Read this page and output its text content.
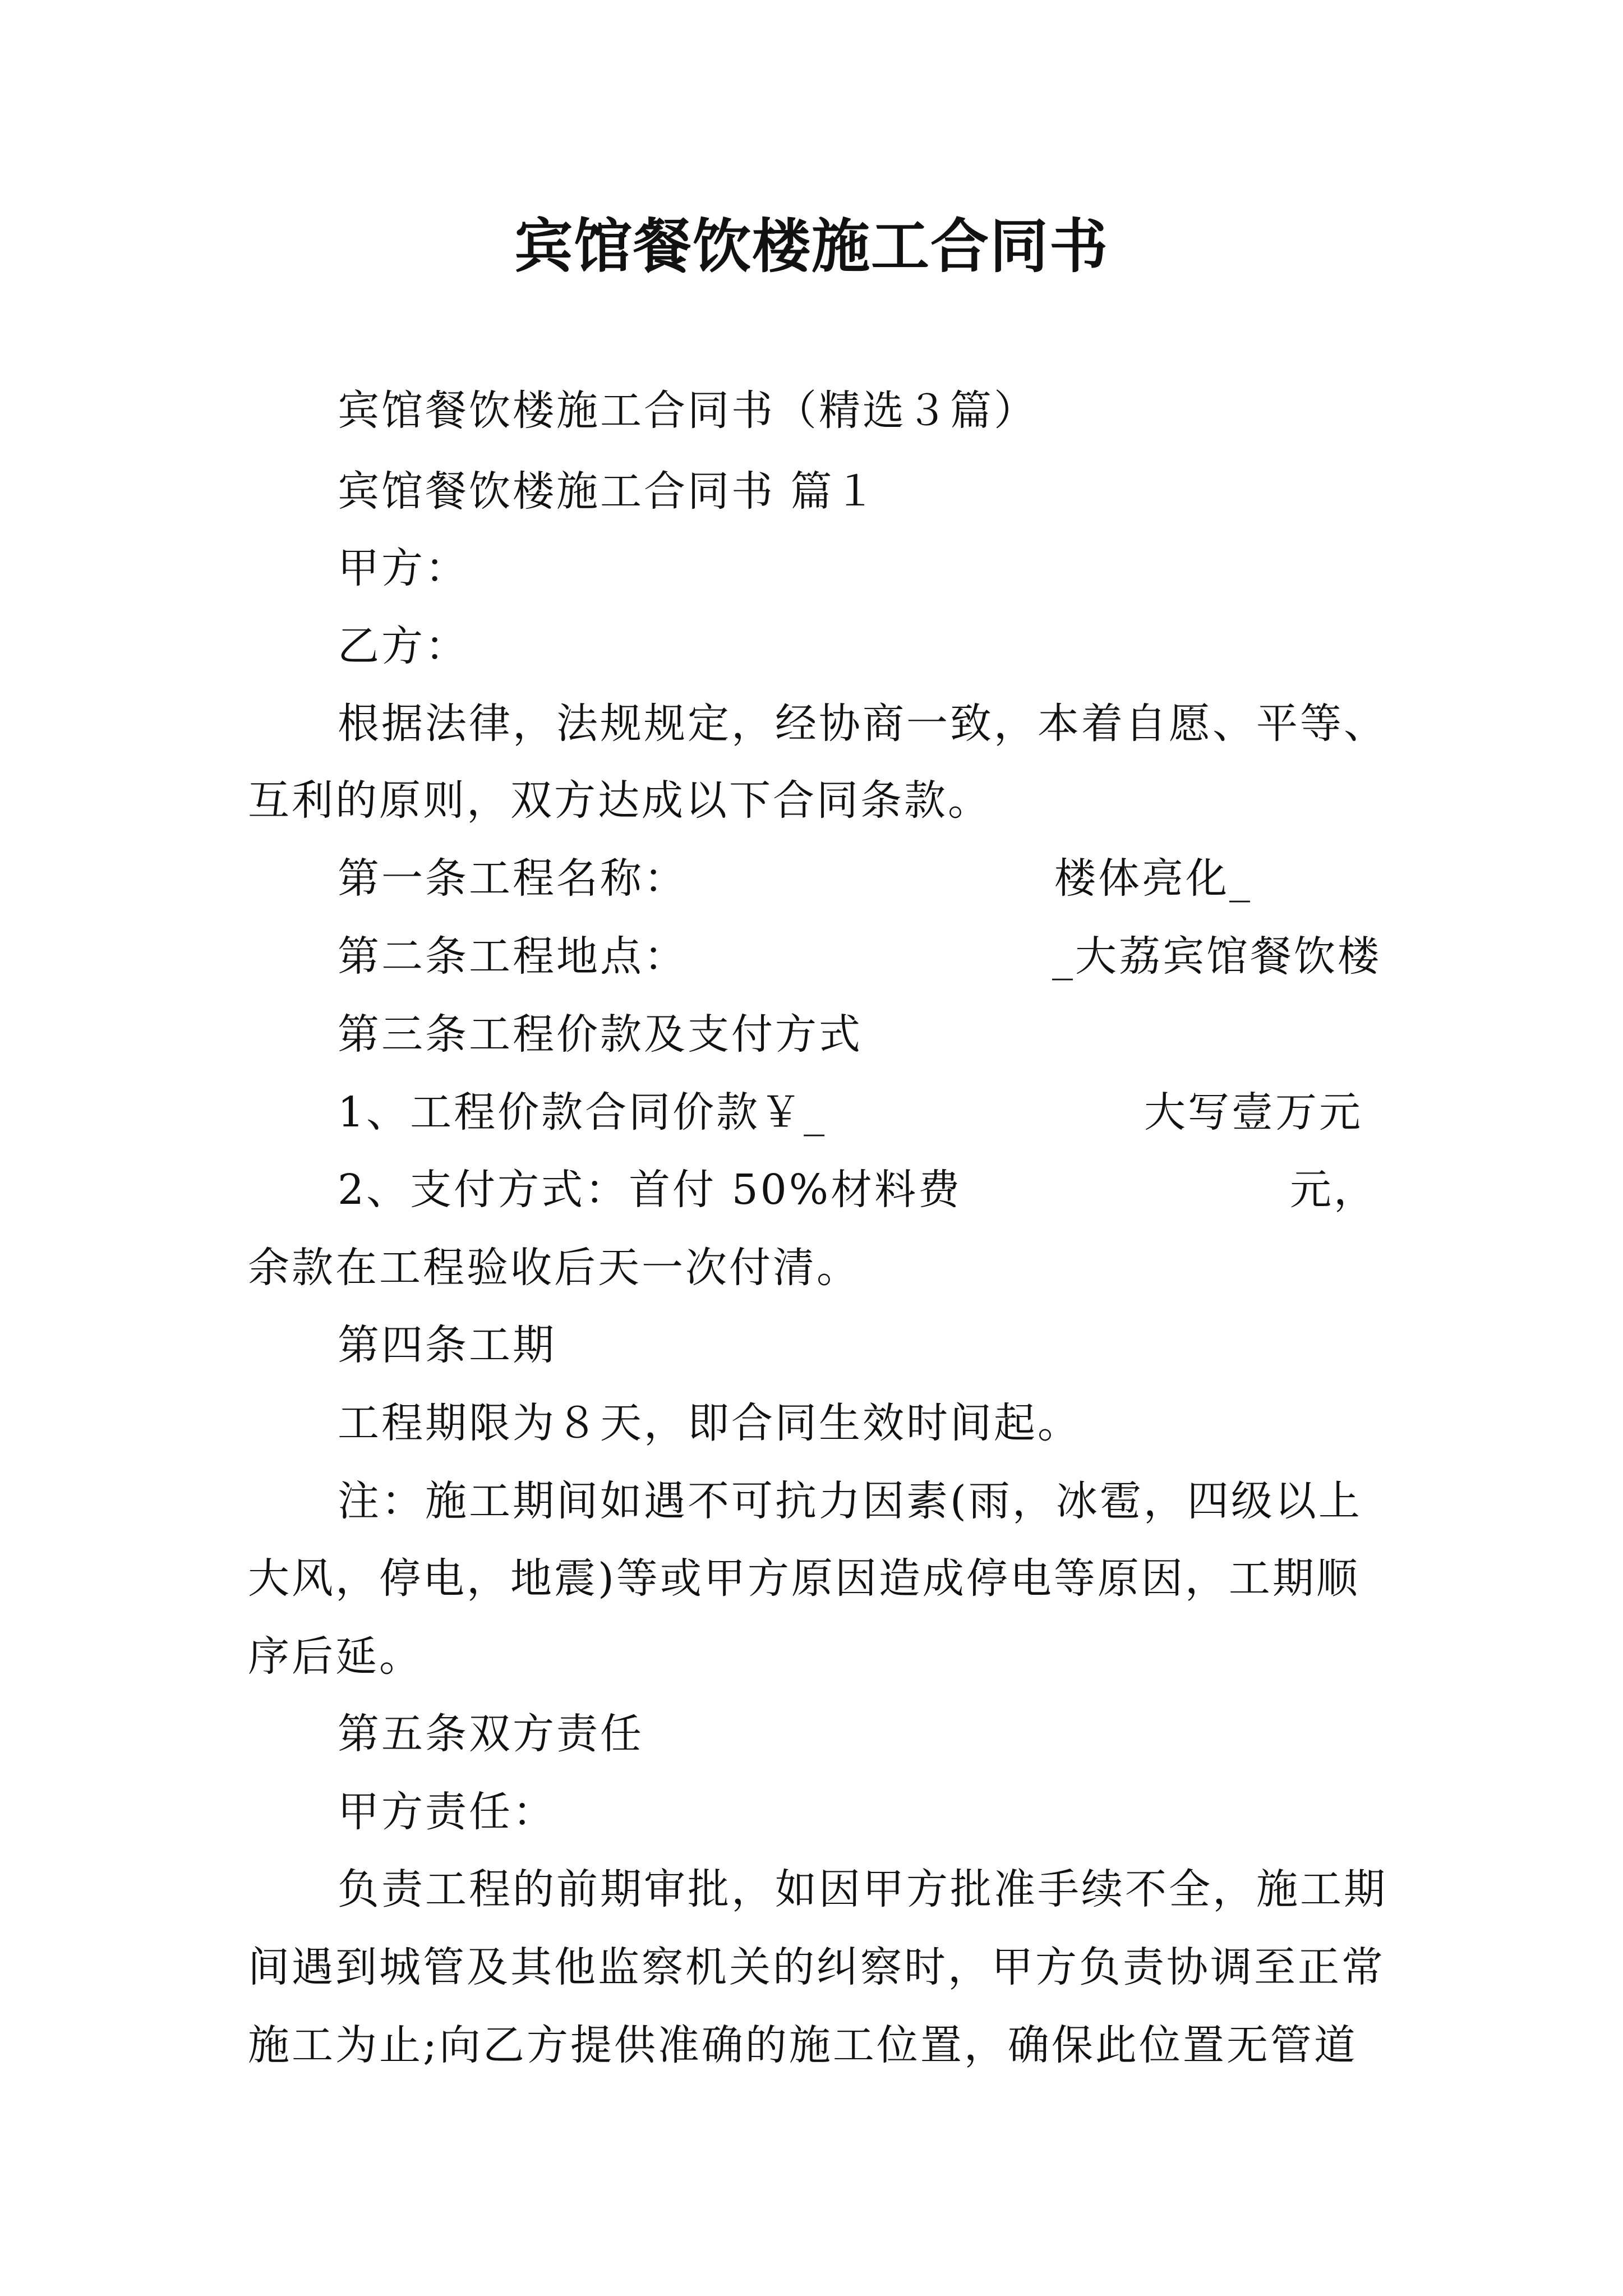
宾馆餐饮楼施工合同书
宾馆餐饮楼施工合同书（精选３篇）
宾馆餐饮楼施工合同书 篇１
甲方：
乙方：
根据法律，法规规定，经协商一致，本着自愿、平等、
互利的原则，双方达成以下合同条款。
第一条工程名称：	楼体亮化_
第二条工程地点：	_大荔宾馆餐饮楼
第三条工程价款及支付方式
1、工程价款合同价款￥_	大写壹万元
2、支付方式：首付 50%材料费	元，
余款在工程验收后天一次付清。
第四条工期
工程期限为８天，即合同生效时间起。
注：施工期间如遇不可抗力因素(雨，冰雹，四级以上
大风，停电，地震)等或甲方原因造成停电等原因，工期顺
序后延。
第五条双方责任
甲方责任：
负责工程的前期审批，如因甲方批准手续不全，施工期
间遇到城管及其他监察机关的纠察时，甲方负责协调至正常
施工为止;向乙方提供准确的施工位置，确保此位置无管道
